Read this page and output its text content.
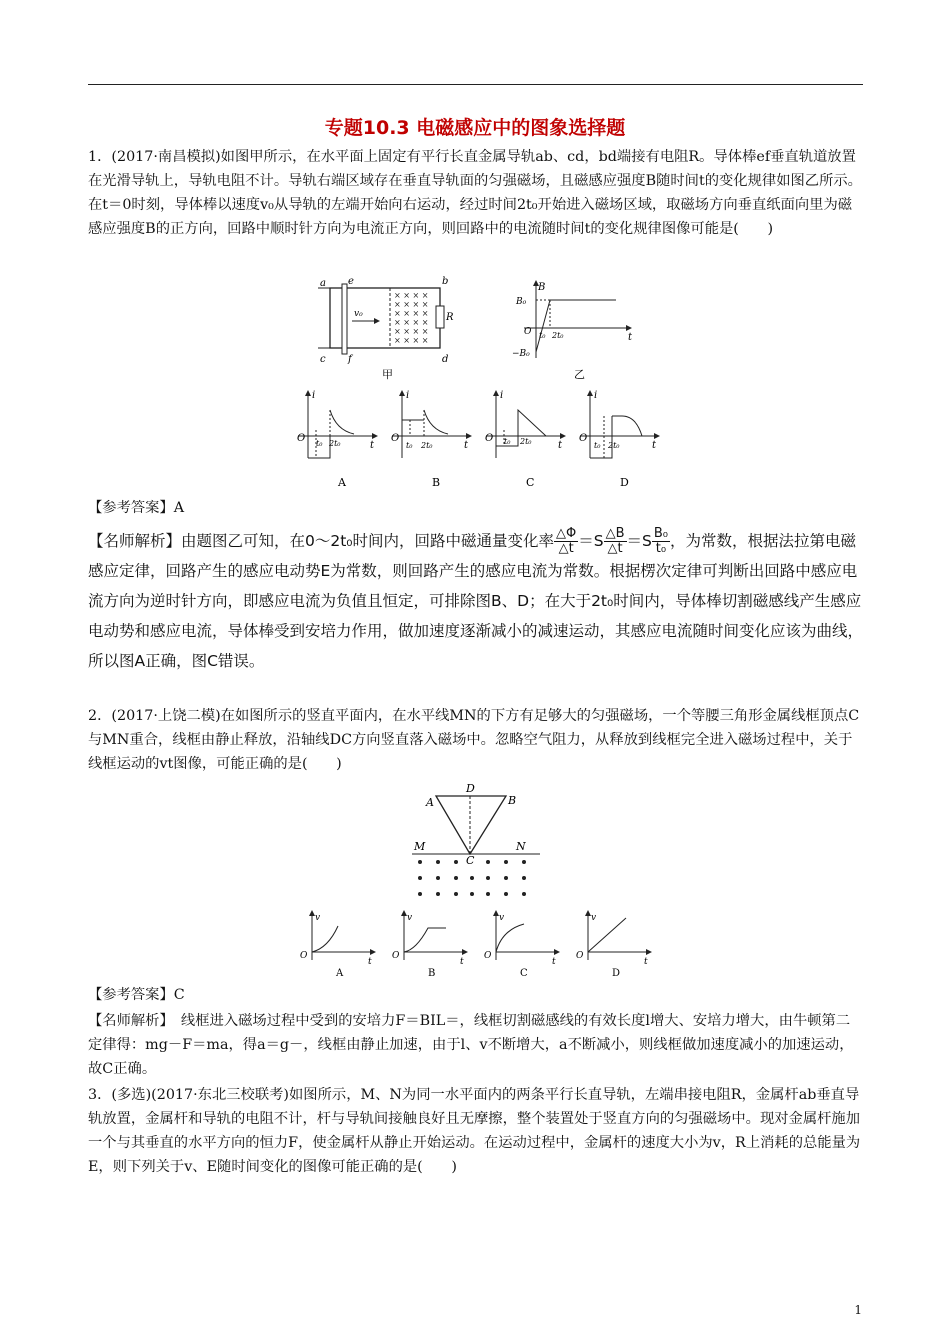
专题10.3 电磁感应中的图象选择题

1．(2017·南昌模拟)如图甲所示，在水平面上固定有平行长直金属导轨ab、cd，bd端接有电阻R。导体棒ef垂直轨道放置在光滑导轨上，导轨电阻不计。导轨右端区域存在垂直导轨面的匀强磁场，且磁感应强度B随时间t的变化规律如图乙所示。在t＝0时刻，导体棒以速度v₀从导轨的左端开始向右运动，经过时间2t₀开始进入磁场区域，取磁场方向垂直纸面向里为磁感应强度B的正方向，回路中顺时针方向为电流正方向，则回路中的电流随时间t的变化规律图像可能是(　　)

× × × ×
× × × ×
× × × ×
× × × ×
× × × ×
× × × ×
a e	b
c f	d
R
v₀
甲
B
B₀
O
−B₀
t₀ 2t₀	t
乙
i
O t₀ 2t₀	t
A
i
O
t₀ 2t₀	t
B
i
O t₀ 2t₀	t
C
i
O
t₀ 2t₀	t
D

【参考答案】A

【名师解析】由题图乙可知，在0～2t₀时间内，回路中磁通量变化率 $\frac{\triangle\Phi}{\triangle t} =S \frac{\triangle B}{\triangle t} =S \frac{\text{B₀}}{\text{t₀}}$ ，为常数，根据法拉第电磁感应定律，回路产生的感应电动势E为常数，则回路产生的感应电流为常数。根据楞次定律可判断出回路中感应电流方向为逆时针方向，即感应电流为负值且恒定，可排除图B、D；在大于2t₀时间内，导体棒切割磁感线产生感应电动势和感应电流，导体棒受到安培力作用，做加速度逐渐减小的减速运动，其感应电流随时间变化应该为曲线，所以图A正确，图C错误。

2．(2017·上饶二模)在如图所示的竖直平面内，在水平线MN的下方有足够大的匀强磁场，一个等腰三角形金属线框顶点C与MN重合，线框由静止释放，沿轴线DC方向竖直落入磁场中。忽略空气阻力，从释放到线框完全进入磁场过程中，关于线框运动的vt图像，可能正确的是(　　)

A
D
B
M	N
C
v
O
t
A
v
O
t
B
v
O
t
C
v
O
t
D

【参考答案】C

【名师解析】　线框进入磁场过程中受到的安培力F＝BIL＝，线框切割磁感线的有效长度l增大、安培力增大，由牛顿第二定律得：mg－F＝ma，得a＝g－，线框由静止加速，由于l、v不断增大，a不断减小，则线框做加速度减小的加速运动，故C正确。

3．(多选)(2017·东北三校联考)如图所示，M、N为同一水平面内的两条平行长直导轨，左端串接电阻R，金属杆ab垂直导轨放置，金属杆和导轨的电阻不计，杆与导轨间接触良好且无摩擦，整个装置处于竖直方向的匀强磁场中。现对金属杆施加一个与其垂直的水平方向的恒力F，使金属杆从静止开始运动。在运动过程中，金属杆的速度大小为v，R上消耗的总能量为E，则下列关于v、E随时间变化的图像可能正确的是(　　)

1
